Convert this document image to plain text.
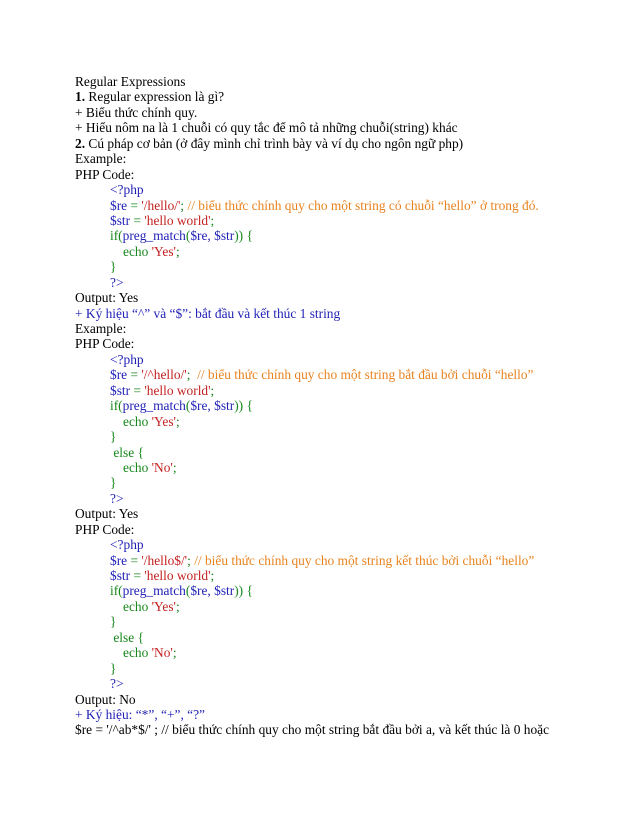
Regular Expressions
1. Regular expression là gì?
+ Biểu thức chính quy.
+ Hiểu nôm na là 1 chuỗi có quy tắc để mô tả những chuỗi(string) khác
2. Cú pháp cơ bản (ở đây mình chỉ trình bày và ví dụ cho ngôn ngữ php)
Example:
PHP Code:
<?php
$re = '/hello/'; // biểu thức chính quy cho một string có chuỗi “hello” ở trong đó.
$str = 'hello world';
if(preg_match($re, $str)) {
echo 'Yes';
}
?>
Output: Yes
+ Ký hiệu “^” và “$”: bắt đầu và kết thúc 1 string
Example:
PHP Code:
<?php
$re = '/^hello/';  // biểu thức chính quy cho một string bắt đầu bởi chuỗi “hello”
$str = 'hello world';
if(preg_match($re, $str)) {
echo 'Yes';
}
else {
echo 'No';
}
?>
Output: Yes
PHP Code:
<?php
$re = '/hello$/'; // biểu thức chính quy cho một string kết thúc bởi chuỗi “hello”
$str = 'hello world';
if(preg_match($re, $str)) {
echo 'Yes';
}
else {
echo 'No';
}
?>
Output: No
+ Ký hiệu: “*”, “+”, “?”
$re = '/^ab*$/' ; // biểu thức chính quy cho một string bắt đầu bởi a, và kết thúc là 0 hoặc
